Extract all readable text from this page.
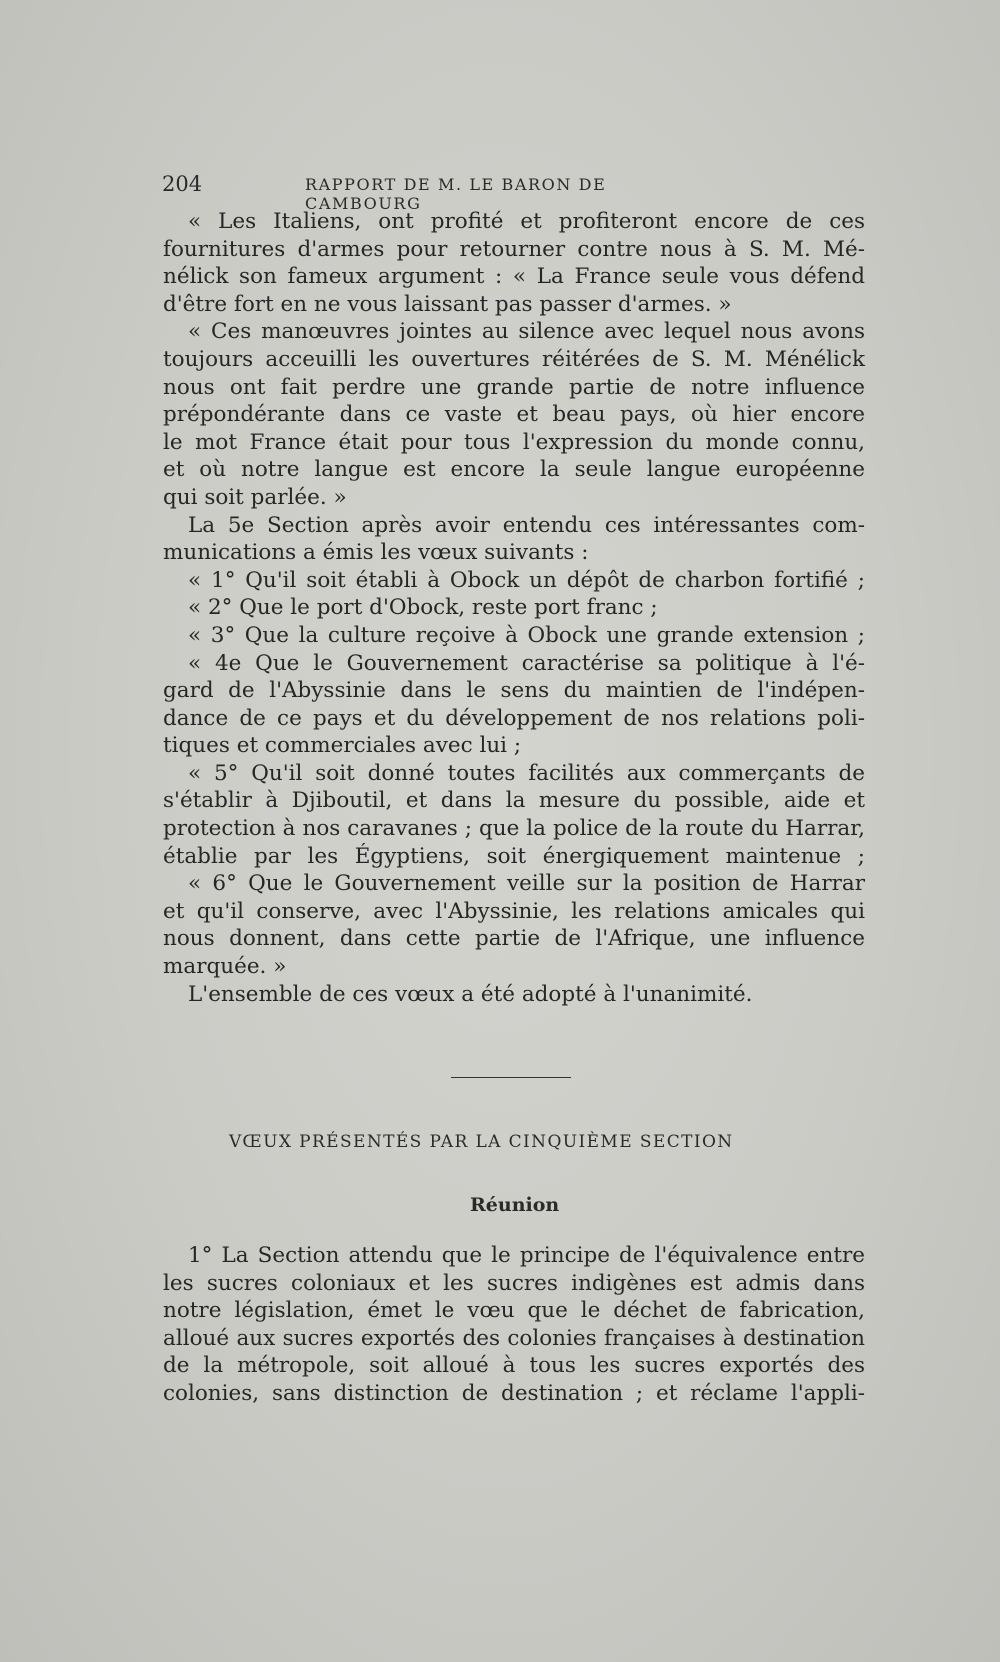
204	RAPPORT DE M. LE BARON DE CAMBOURG
« Les Italiens, ont profité et profiteront encore de ces
fournitures d'armes pour retourner contre nous à S. M. Mé-
nélick son fameux argument : « La France seule vous défend
d'être fort en ne vous laissant pas passer d'armes. »
« Ces manœuvres jointes au silence avec lequel nous avons
toujours acceuilli les ouvertures réitérées de S. M. Ménélick
nous ont fait perdre une grande partie de notre influence
prépondérante dans ce vaste et beau pays, où hier encore
le mot France était pour tous l'expression du monde connu,
et où notre langue est encore la seule langue européenne
qui soit parlée. »
La 5e Section après avoir entendu ces intéressantes com-
munications a émis les vœux suivants :
« 1° Qu'il soit établi à Obock un dépôt de charbon fortifié ;
« 2° Que le port d'Obock, reste port franc ;
« 3° Que la culture reçoive à Obock une grande extension ;
« 4e Que le Gouvernement caractérise sa politique à l'é-
gard de l'Abyssinie dans le sens du maintien de l'indépen-
dance de ce pays et du développement de nos relations poli-
tiques et commerciales avec lui ;
« 5° Qu'il soit donné toutes facilités aux commerçants de
s'établir à Djiboutil, et dans la mesure du possible, aide et
protection à nos caravanes ; que la police de la route du Harrar,
établie par les Égyptiens, soit énergiquement maintenue ;
« 6° Que le Gouvernement veille sur la position de Harrar
et qu'il conserve, avec l'Abyssinie, les relations amicales qui
nous donnent, dans cette partie de l'Afrique, une influence
marquée. »
L'ensemble de ces vœux a été adopté à l'unanimité.
VŒUX PRÉSENTÉS PAR LA CINQUIÈME SECTION
Réunion
1° La Section attendu que le principe de l'équivalence entre
les sucres coloniaux et les sucres indigènes est admis dans
notre législation, émet le vœu que le déchet de fabrication,
alloué aux sucres exportés des colonies françaises à destination
de la métropole, soit alloué à tous les sucres exportés des
colonies, sans distinction de destination ; et réclame l'appli-
